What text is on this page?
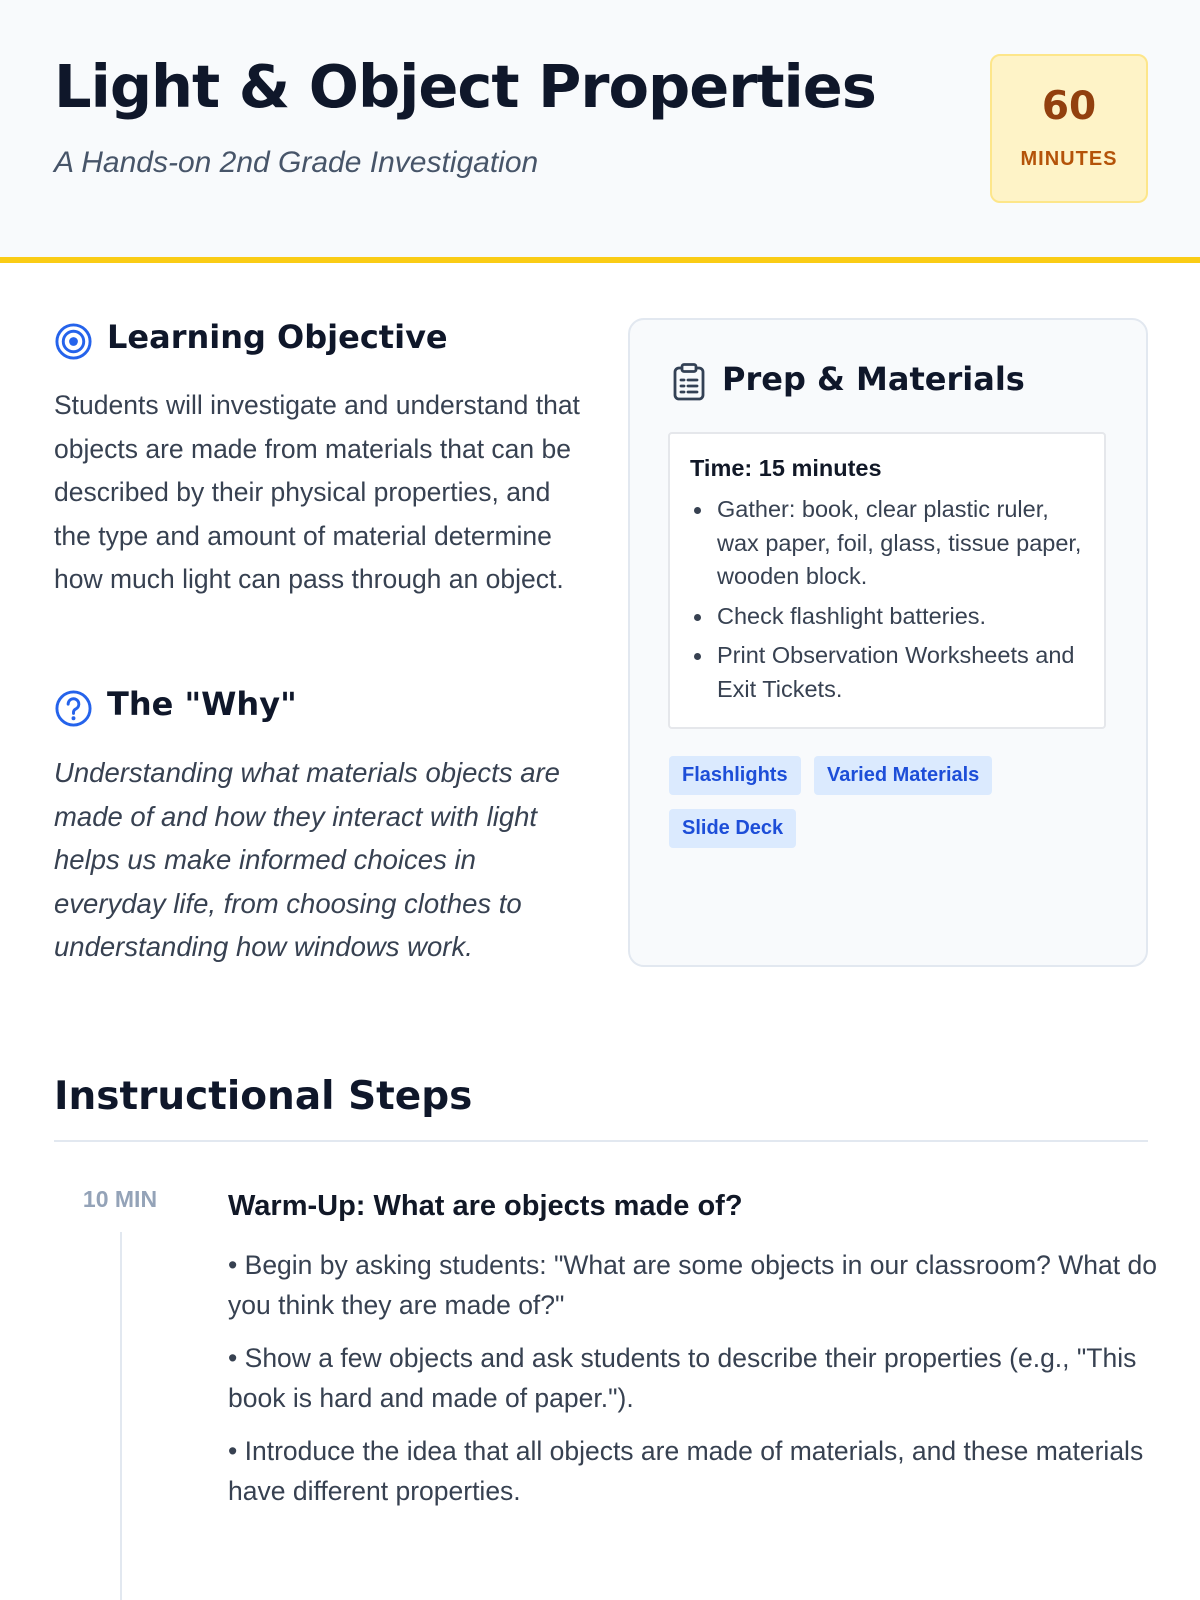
Light & Object Properties
A Hands-on 2nd Grade Investigation
60
MINUTES
Learning Objective

Students will investigate and understand that objects are made from materials that can be described by their physical properties, and the type and amount of material determine how much light can pass through an object.

The "Why"

Understanding what materials objects are made of and how they interact with light helps us make informed choices in everyday life, from choosing clothes to understanding how windows work.

Prep & Materials
Time: 15 minutes
Gather: book, clear plastic ruler, wax paper, foil, glass, tissue paper, wooden block.
Check flashlight batteries.
Print Observation Worksheets and Exit Tickets.
Flashlights	Varied Materials
Slide Deck
Instructional Steps
10 MIN	Warm-Up: What are objects made of?
• Begin by asking students: "What are some objects in our classroom? What do you think they are made of?"
• Show a few objects and ask students to describe their properties (e.g., "This book is hard and made of paper.").
• Introduce the idea that all objects are made of materials, and these materials have different properties.
